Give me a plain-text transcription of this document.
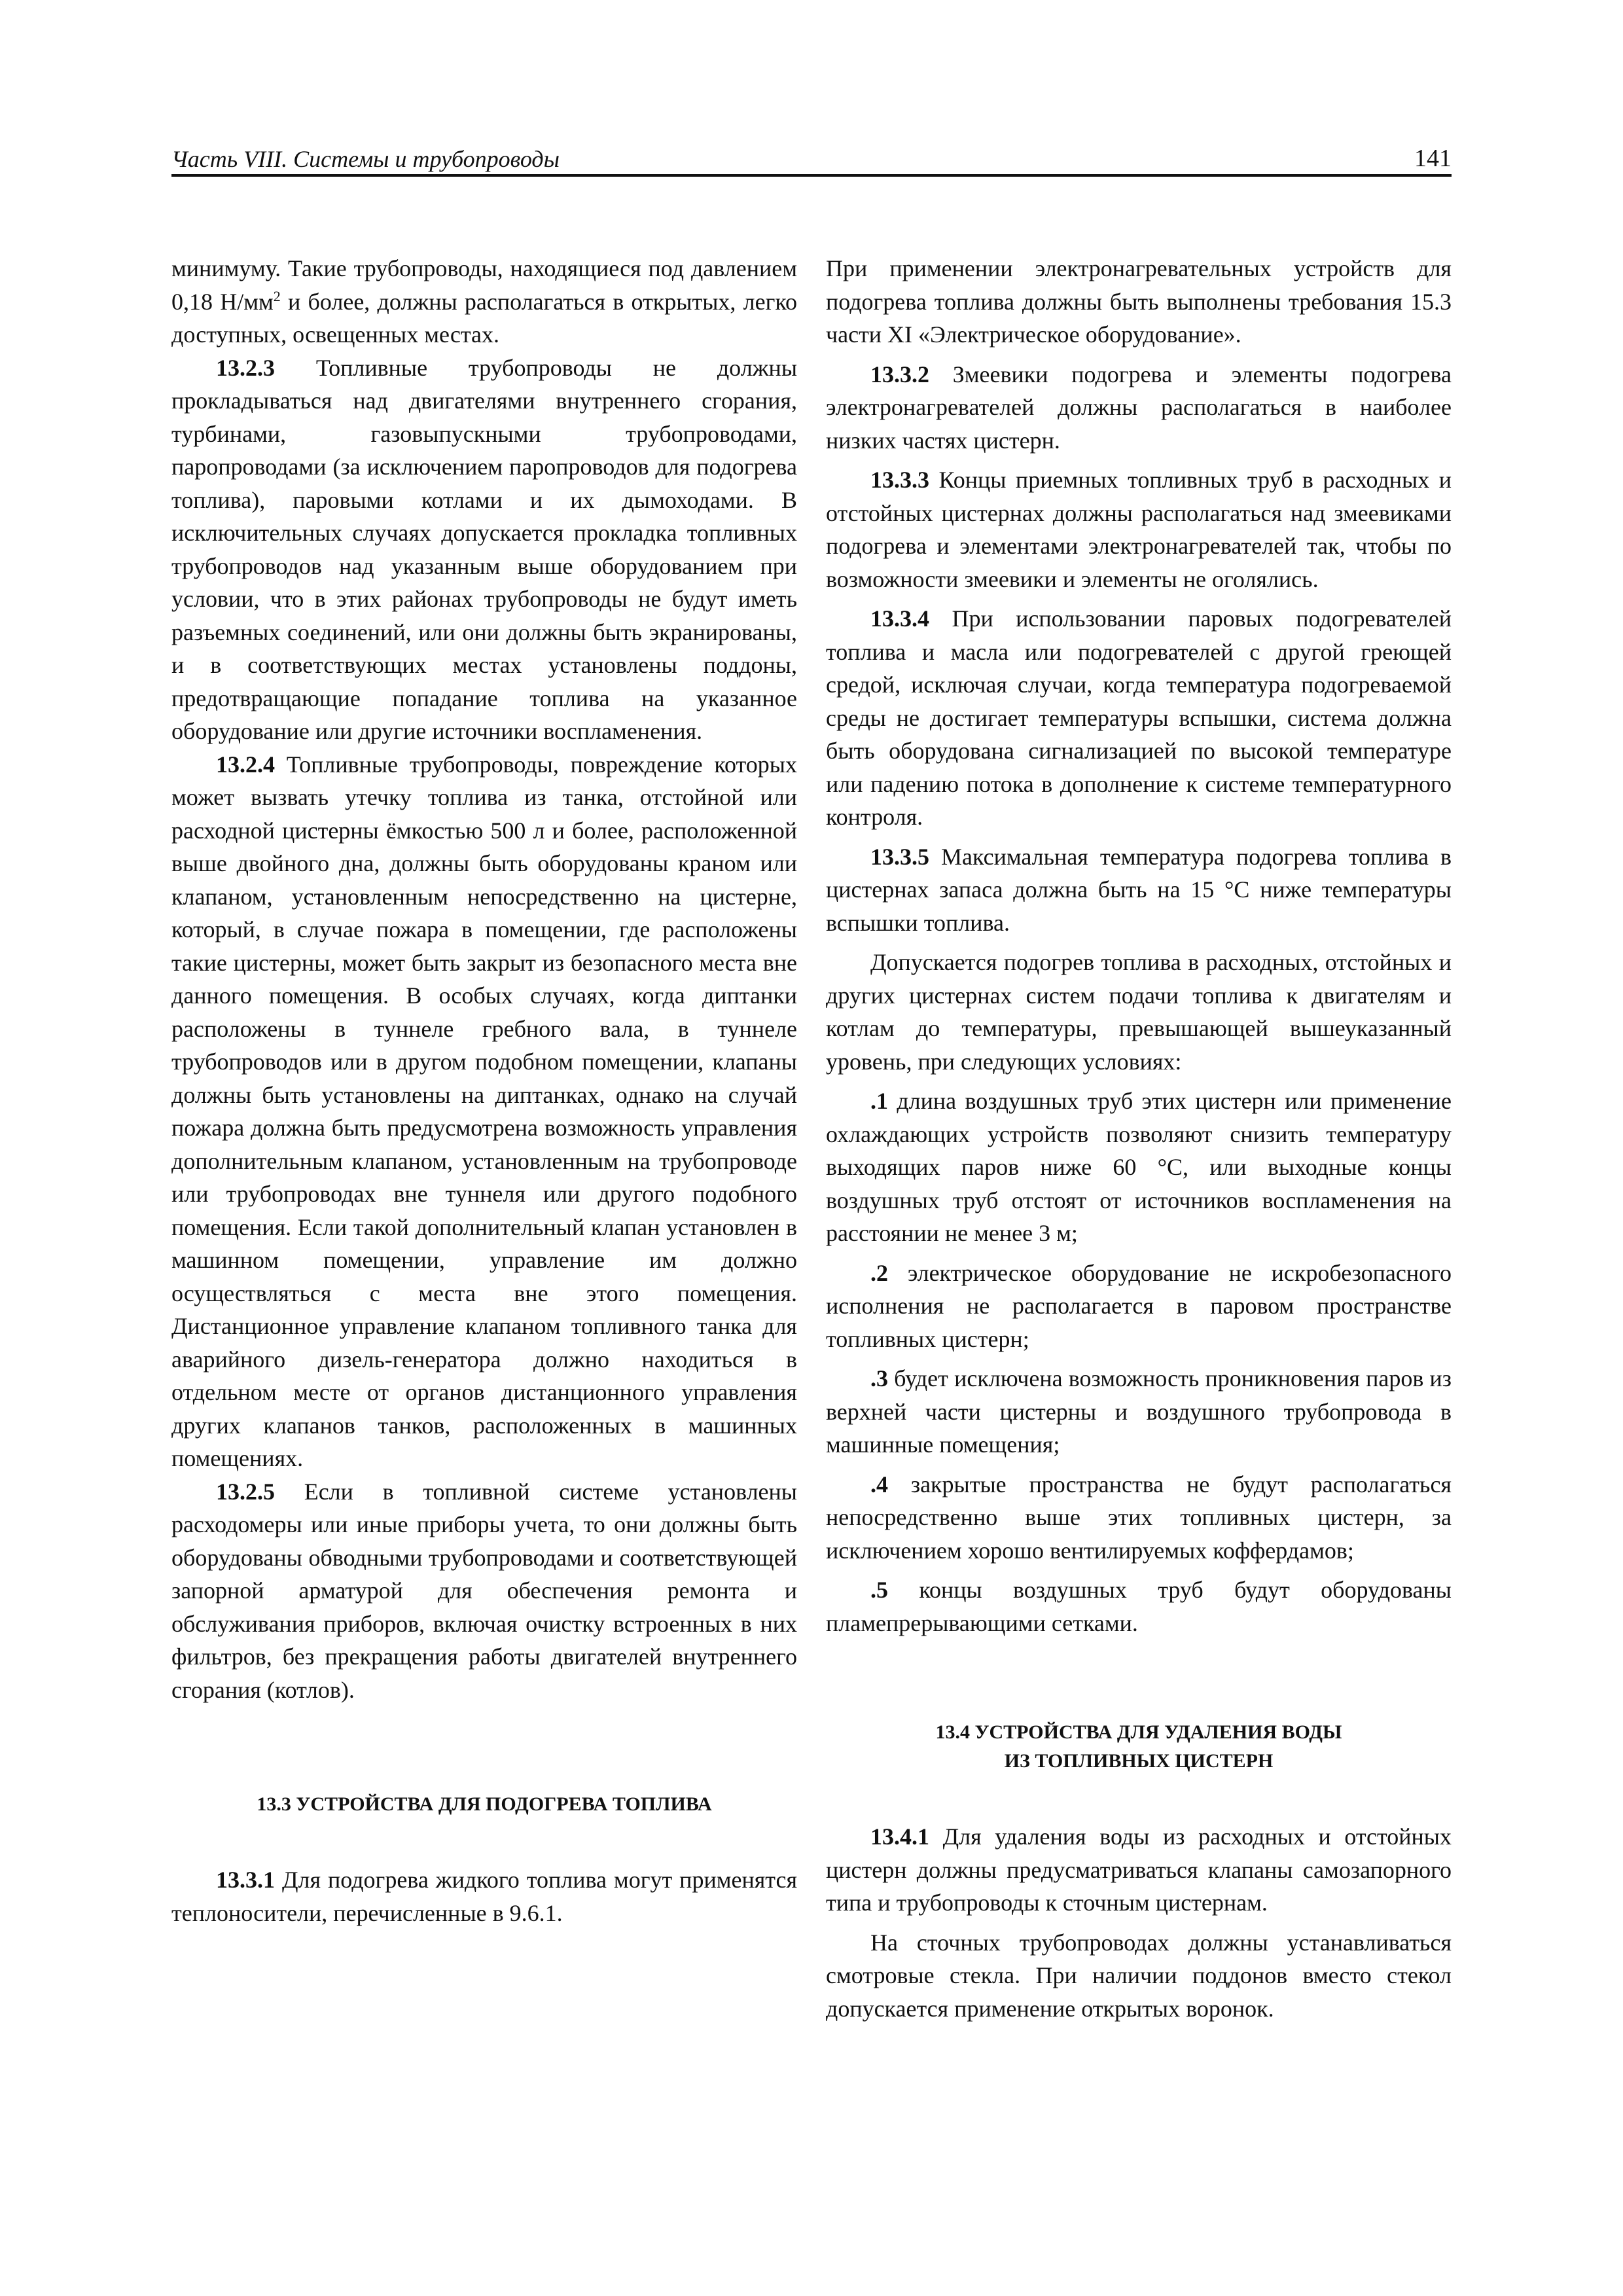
Часть VIII. Системы и трубопроводы	141

минимуму. Такие трубопроводы, находящиеся под давлением 0,18 $Н/мм^2$ и более, должны располагаться в открытых, легко доступных, освещенных местах.

13.2.3 Топливные трубопроводы не должны прокладываться над двигателями внутреннего сгорания, турбинами, газовыпускными трубопроводами, паропроводами (за исключением паропроводов для подогрева топлива), паровыми котлами и их дымоходами. В исключительных случаях допускается прокладка топливных трубопроводов над указанным выше оборудованием при условии, что в этих районах трубопроводы не будут иметь разъемных соединений, или они должны быть экранированы, и в соответствующих местах установлены поддоны, предотвращающие попадание топлива на указанное оборудование или другие источники воспламенения.

13.2.4 Топливные трубопроводы, повреждение которых может вызвать утечку топлива из танка, отстойной или расходной цистерны ёмкостью 500 л и более, расположенной выше двойного дна, должны быть оборудованы краном или клапаном, установленным непосредственно на цистерне, который, в случае пожара в помещении, где расположены такие цистерны, может быть закрыт из безопасного места вне данного помещения. В особых случаях, когда диптанки расположены в туннеле гребного вала, в туннеле трубопроводов или в другом подобном помещении, клапаны должны быть установлены на диптанках, однако на случай пожара должна быть предусмотрена возможность управления дополнительным клапаном, установленным на трубопроводе или трубопроводах вне туннеля или другого подобного помещения. Если такой дополнительный клапан установлен в машинном помещении, управление им должно осуществляться с места вне этого помещения. Дистанционное управление клапаном топливного танка для аварийного дизель-генератора должно находиться в отдельном месте от органов дистанционного управления других клапанов танков, расположенных в машинных помещениях.

13.2.5 Если в топливной системе установлены расходомеры или иные приборы учета, то они должны быть оборудованы обводными трубопроводами и соответствующей запорной арматурой для обеспечения ремонта и обслуживания приборов, включая очистку встроенных в них фильтров, без прекращения работы двигателей внутреннего сгорания (котлов).

13.3 УСТРОЙСТВА ДЛЯ ПОДОГРЕВА ТОПЛИВА

13.3.1 Для подогрева жидкого топлива могут применятся теплоносители, перечисленные в 9.6.1.

При применении электронагревательных устройств для подогрева топлива должны быть выполнены требования 15.3 части XI «Электрическое оборудование».

13.3.2 Змеевики подогрева и элементы подогрева электронагревателей должны располагаться в наиболее низких частях цистерн.

13.3.3 Концы приемных топливных труб в расходных и отстойных цистернах должны располагаться над змеевиками подогрева и элементами электронагревателей так, чтобы по возможности змеевики и элементы не оголялись.

13.3.4 При использовании паровых подогревателей топлива и масла или подогревателей с другой греющей средой, исключая случаи, когда температура подогреваемой среды не достигает температуры вспышки, система должна быть оборудована сигнализацией по высокой температуре или падению потока в дополнение к системе температурного контроля.

13.3.5 Максимальная температура подогрева топлива в цистернах запаса должна быть на 15 °С ниже температуры вспышки топлива.

Допускается подогрев топлива в расходных, отстойных и других цистернах систем подачи топлива к двигателям и котлам до температуры, превышающей вышеуказанный уровень, при следующих условиях:

.1 длина воздушных труб этих цистерн или применение охлаждающих устройств позволяют снизить температуру выходящих паров ниже 60 °С, или выходные концы воздушных труб отстоят от источников воспламенения на расстоянии не менее 3 м;

.2 электрическое оборудование не искробезопасного исполнения не располагается в паровом пространстве топливных цистерн;

.3 будет исключена возможность проникновения паров из верхней части цистерны и воздушного трубопровода в машинные помещения;

.4 закрытые пространства не будут располагаться непосредственно выше этих топливных цистерн, за исключением хорошо вентилируемых коффердамов;

.5 концы воздушных труб будут оборудованы пламепрерывающими сетками.

13.4 УСТРОЙСТВА ДЛЯ УДАЛЕНИЯ ВОДЫ
ИЗ ТОПЛИВНЫХ ЦИСТЕРН

13.4.1 Для удаления воды из расходных и отстойных цистерн должны предусматриваться клапаны самозапорного типа и трубопроводы к сточным цистернам.

На сточных трубопроводах должны устанавливаться смотровые стекла. При наличии поддонов вместо стекол допускается применение открытых воронок.
